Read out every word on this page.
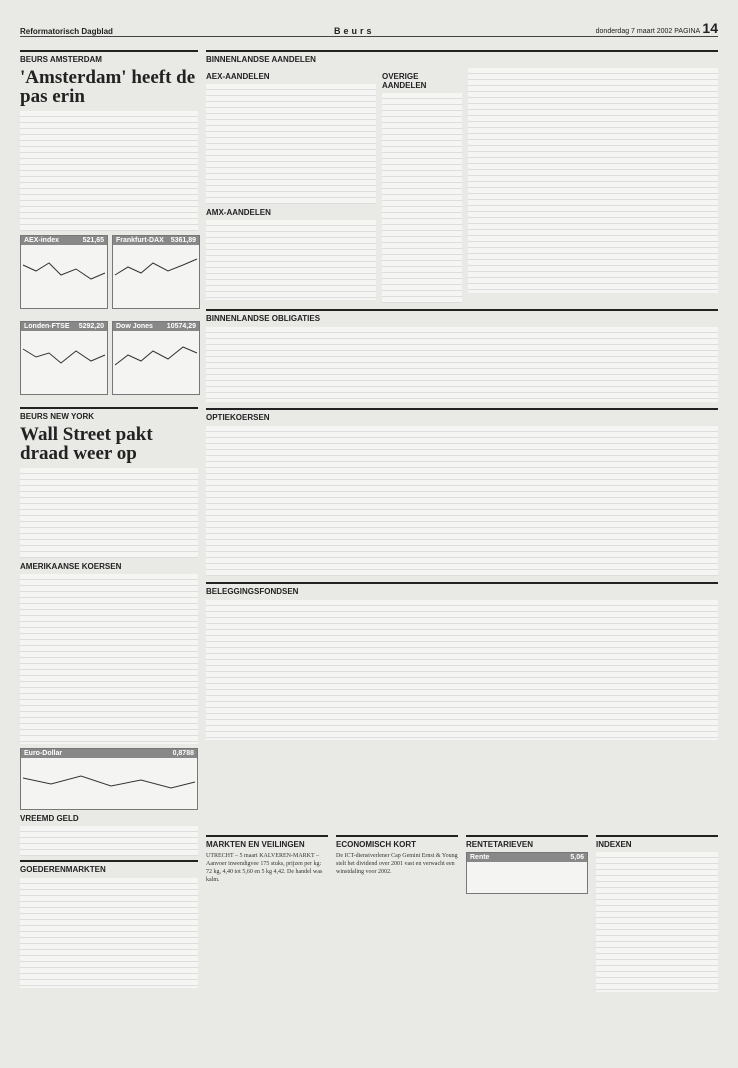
Reformatorisch Dagblad	Beurs	donderdag 7 maart 2002 PAGINA 14
BEURS AMSTERDAM
'Amsterdam' heeft de pas erin
AEX-index	521,65 Frankfurt-DAX 5361,89
Londen-FTSE 5292,20 Dow Jones 10574,29
BEURS NEW YORK
Wall Street pakt draad weer op
AMERIKAANSE KOERSEN
Euro-Dollar	0,8788
VREEMD GELD
GOEDERENMARKTEN
BINNENLANDSE AANDELEN
AEX-AANDELEN
AMX-AANDELEN
OVERIGE AANDELEN
BINNENLANDSE OBLIGATIES
OPTIEKOERSEN
BELEGGINGSFONDSEN
MARKTEN EN VEILINGEN
UTRECHT – 5 maart KALVEREN-MARKT – Aanvoer inwendigvee 175 stuks, prijzen per kg: 72 kg, 4,40 tot 5,60 en 5 kg 4,42. De handel was kalm.
ECONOMISCH KORT
De ICT-dienstverlener Cap Gemini Ernst & Young stelt het dividend over 2001 vast en verwacht een winstdaling voor 2002.
RENTETARIEVEN
Rente	5,06
INDEXEN
